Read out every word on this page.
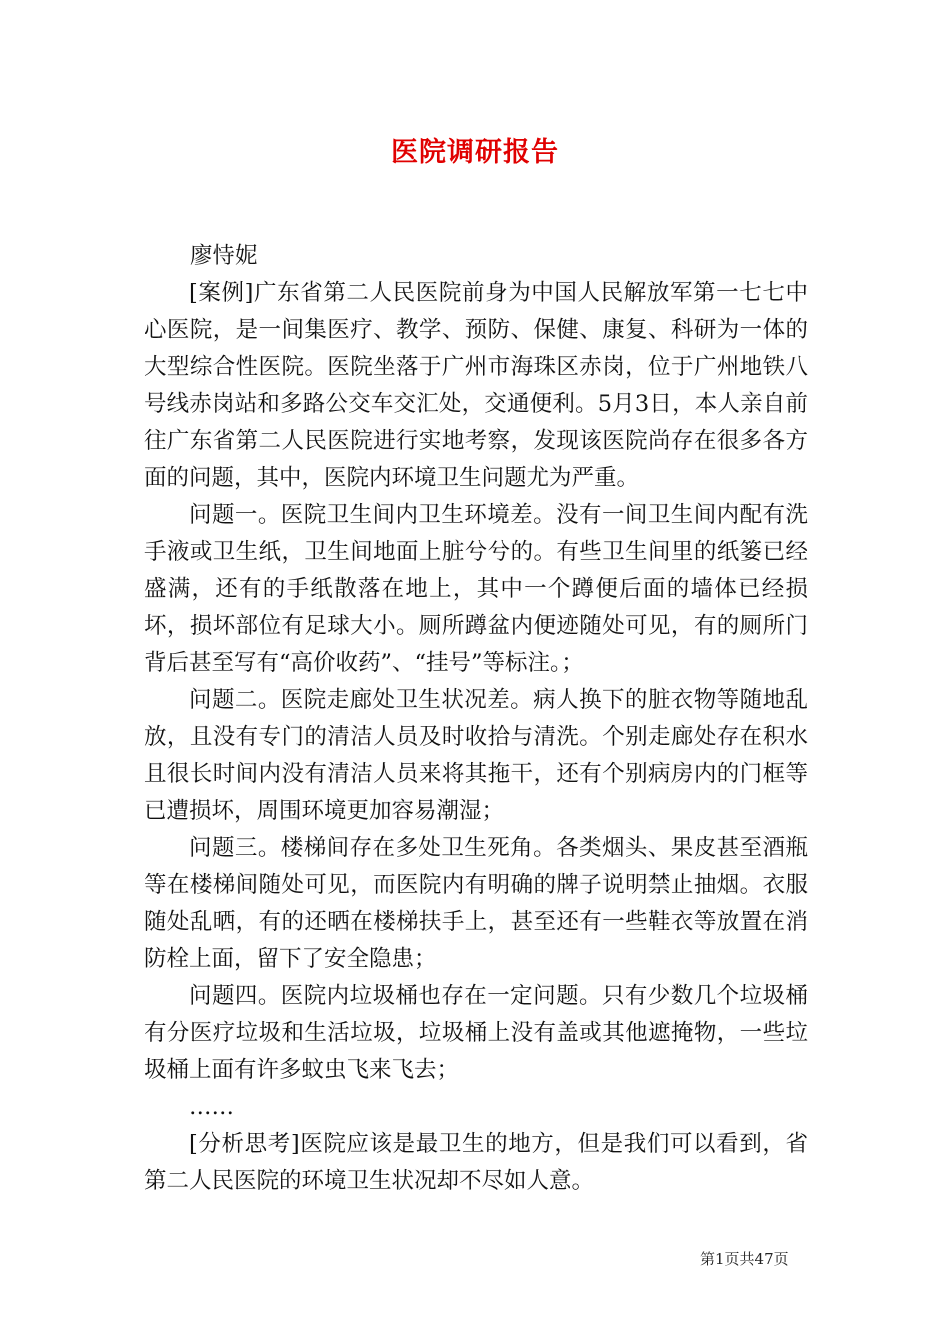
医院调研报告

[案例]广东省第二人民医院前身为中国人民解放军第一七七中心医院，是一间集医疗、教学、预防、保健、康复、科研为一体的大型综合性医院。医院坐落于广州市海珠区赤岗，位于广州地铁八号线赤岗站和多路公交车交汇处，交通便利。5月3日，本人亲自前往广东省第二人民医院进行实地考察，发现该医院尚存在很多各方面的问题，其中，医院内环境卫生问题尤为严重。

问题一。医院卫生间内卫生环境差。没有一间卫生间内配有洗手液或卫生纸，卫生间地面上脏兮兮的。有些卫生间里的纸篓已经盛满，还有的手纸散落在地上，其中一个蹲便后面的墙体已经损坏，损坏部位有足球大小。厕所蹲盆内便迹随处可见，有的厕所门背后甚至写有“高价收药”、“挂号”等标注。；

问题二。医院走廊处卫生状况差。病人换下的脏衣物等随地乱放，且没有专门的清洁人员及时收拾与清洗。个别走廊处存在积水且很长时间内没有清洁人员来将其拖干，还有个别病房内的门框等已遭损坏，周围环境更加容易潮湿；

问题三。楼梯间存在多处卫生死角。各类烟头、果皮甚至酒瓶等在楼梯间随处可见，而医院内有明确的牌子说明禁止抽烟。衣服随处乱晒，有的还晒在楼梯扶手上，甚至还有一些鞋衣等放置在消防栓上面，留下了安全隐患；

问题四。医院内垃圾桶也存在一定问题。只有少数几个垃圾桶有分医疗垃圾和生活垃圾，垃圾桶上没有盖或其他遮掩物，一些垃圾桶上面有许多蚊虫飞来飞去；

……

[分析思考]医院应该是最卫生的地方，但是我们可以看到，省第二人民医院的环境卫生状况却不尽如人意。

廖恃妮
第1页共47页
